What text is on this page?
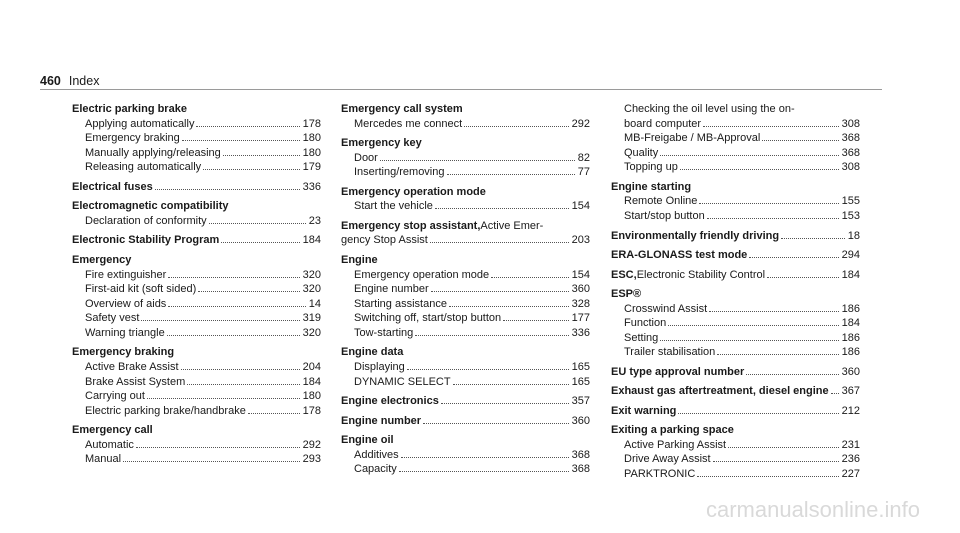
460 Index
Electric parking brake
Applying automatically	178
Emergency braking	180
Manually applying/releasing	180
Releasing automatically	179
Electrical fuses	336
Electromagnetic compatibility
Declaration of conformity	23
Electronic Stability Program	184
Emergency
Fire extinguisher	320
First-aid kit (soft sided)	320
Overview of aids	14
Safety vest	319
Warning triangle	320
Emergency braking
Active Brake Assist	204
Brake Assist System	184
Carrying out	180
Electric parking brake/handbrake	178
Emergency call
Automatic	292
Manual	293
Emergency call system
Mercedes me connect	292
Emergency key
Door	82
Inserting/removing	77
Emergency operation mode
Start the vehicle	154
Emergency stop assistant, Active Emer-
gency Stop Assist	203
Engine
Emergency operation mode	154
Engine number	360
Starting assistance	328
Switching off, start/stop button	177
Tow-starting	336
Engine data
Displaying	165
DYNAMIC SELECT	165
Engine electronics	357
Engine number	360
Engine oil
Additives	368
Capacity	368
Checking the oil level using the on-
board computer	308
MB-Freigabe / MB-Approval	368
Quality	368
Topping up	308
Engine starting
Remote Online	155
Start/stop button	153
Environmentally friendly driving	18
ERA-GLONASS test mode	294
ESC, Electronic Stability Control	184
ESP®
Crosswind Assist	186
Function	184
Setting	186
Trailer stabilisation	186
EU type approval number	360
Exhaust gas aftertreatment, diesel engine 367
Exit warning	212
Exiting a parking space
Active Parking Assist	231
Drive Away Assist	236
PARKTRONIC	227
carmanualsonline.info
